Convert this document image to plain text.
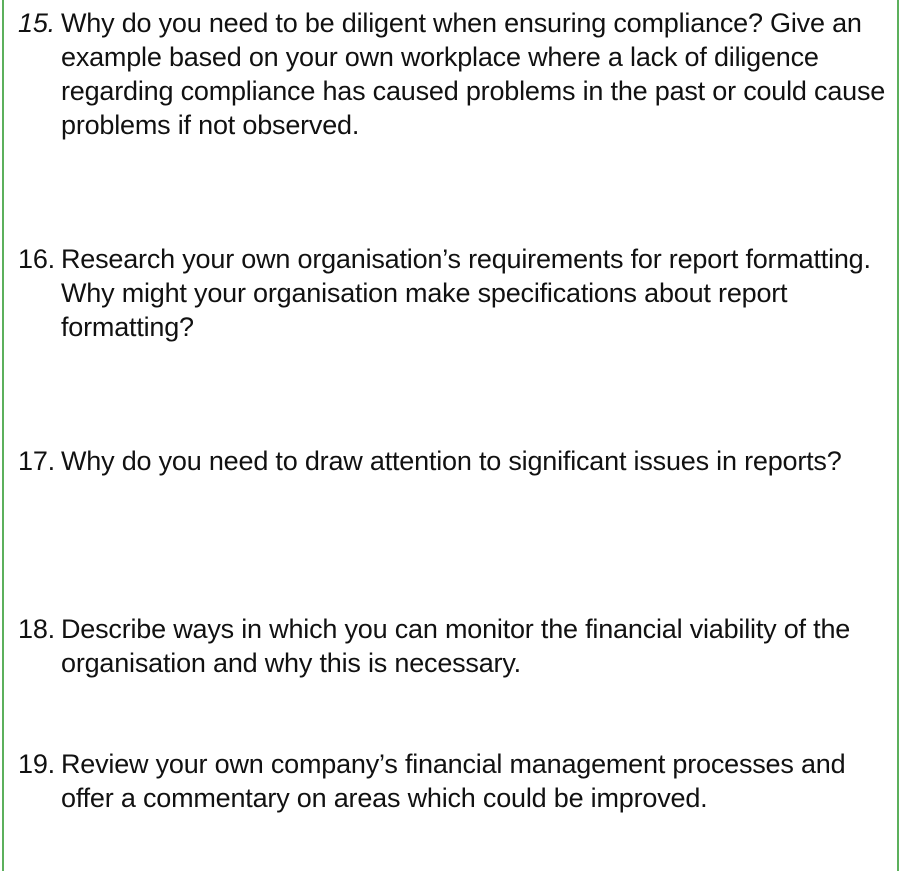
15. Why do you need to be diligent when ensuring compliance? Give an example based on your own workplace where a lack of diligence regarding compliance has caused problems in the past or could cause problems if not observed.
16. Research your own organisation’s requirements for report formatting. Why might your organisation make specifications about report formatting?
17. Why do you need to draw attention to significant issues in reports?
18. Describe ways in which you can monitor the financial viability of the organisation and why this is necessary.
19. Review your own company’s financial management processes and offer a commentary on areas which could be improved.
